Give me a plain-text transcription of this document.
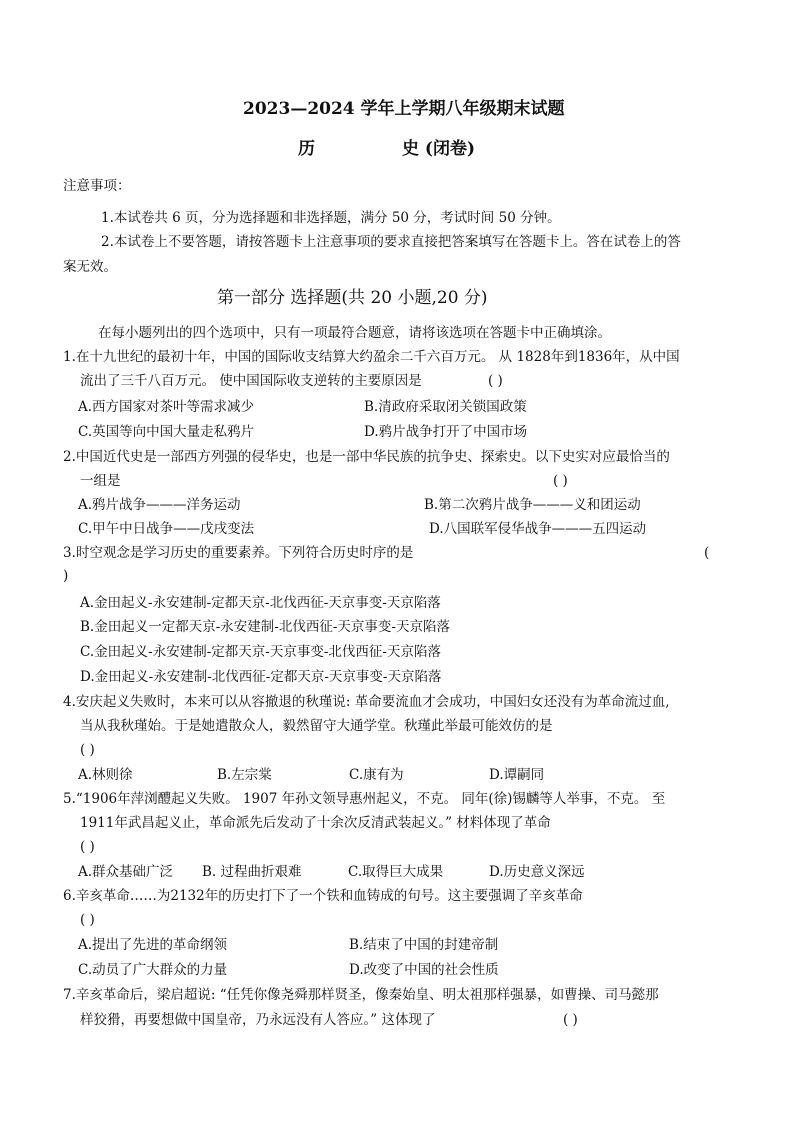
2023—2024 学年上学期八年级期末试题
历	史 (闭卷)
注意事项：
1.本试卷共 6 页，分为选择题和非选择题，满分 50 分，考试时间 50 分钟。
2.本试卷上不要答题，请按答题卡上注意事项的要求直接把答案填写在答题卡上。答在试卷上的答
案无效。
第一部分 选择题(共 20 小题,20 分)
在每小题列出的四个选项中，只有一项最符合题意，请将该选项在答题卡中正确填涂。
1.在十九世纪的最初十年，中国的国际收支结算大约盈余二千六百万元。 从 1828年到1836年，从中国
流出了三千八百万元。 使中国国际收支逆转的主要原因是	( )
A.西方国家对茶叶等需求减少	B.清政府采取闭关锁国政策
C.英国等向中国大量走私鸦片	D.鸦片战争打开了中国市场
2.中国近代史是一部西方列强的侵华史，也是一部中华民族的抗争史、探索史。以下史实对应最恰当的
一组是	( )
A.鸦片战争———洋务运动	B.第二次鸦片战争———义和团运动
C.甲午中日战争——戊戌变法	D.八国联军侵华战争———五四运动
3.时空观念是学习历史的重要素养。下列符合历史时序的是	(
)
A.金田起义-永安建制-定都天京-北伐西征-天京事变-天京陷落
B.金田起义一定都天京-永安建制-北伐西征-天京事变-天京陷落
C.金田起义-永安建制-定都天京-天京事变-北伐西征-天京陷落
D.金田起义-永安建制-北伐西征-定都天京-天京事变-天京陷落
4.安庆起义失败时，本来可以从容撤退的秋瑾说: 革命要流血才会成功，中国妇女还没有为革命流过血,
当从我秋瑾始。于是她遣散众人，毅然留守大通学堂。秋瑾此举最可能效仿的是
( )
A.林则徐	B.左宗棠	C.康有为	D.谭嗣同
5.“1906年萍浏醴起义失败。 1907 年孙文领导惠州起义，不克。 同年(徐)锡麟等人举事，不克。 至
1911年武昌起义止，革命派先后发动了十余次反清武装起义。” 材料体现了革命
( )
A.群众基础广泛 B. 过程曲折艰难	C.取得巨大成果	D.历史意义深远
6.辛亥革命……为2132年的历史打下了一个铁和血铸成的句号。这主要强调了辛亥革命
( )
A.提出了先进的革命纲领	B.结束了中国的封建帝制
C.动员了广大群众的力量	D.改变了中国的社会性质
7.辛亥革命后，梁启超说: “任凭你像尧舜那样贤圣，像秦始皇、明太祖那样强暴，如曹操、司马懿那
样狡猾，再要想做中国皇帝，乃永远没有人答应。” 这体现了	( )
